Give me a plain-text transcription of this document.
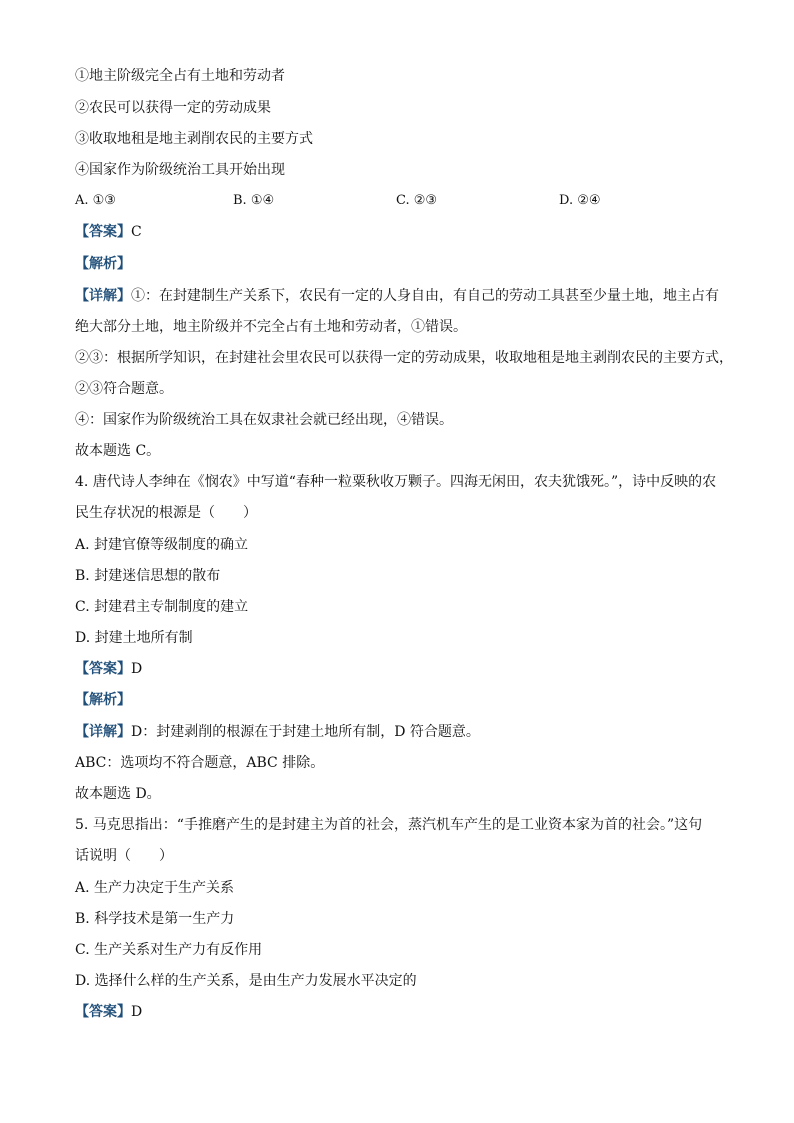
①地主阶级完全占有土地和劳动者
②农民可以获得一定的劳动成果
③收取地租是地主剥削农民的主要方式
④国家作为阶级统治工具开始出现
A. ①③	B. ①④	C. ②③	D. ②④
【答案】C
【解析】
【详解】①：在封建制生产关系下，农民有一定的人身自由，有自己的劳动工具甚至少量土地，地主占有
绝大部分土地，地主阶级并不完全占有土地和劳动者，①错误。
②③：根据所学知识，在封建社会里农民可以获得一定的劳动成果，收取地租是地主剥削农民的主要方式，
②③符合题意。
④：国家作为阶级统治工具在奴隶社会就已经出现，④错误。
故本题选 C。
4. 唐代诗人李绅在《悯农》中写道“春种一粒粟秋收万颗子。四海无闲田，农夫犹饿死。”，诗中反映的农
民生存状况的根源是（　　）
A. 封建官僚等级制度的确立
B. 封建迷信思想的散布
C. 封建君主专制制度的建立
D. 封建土地所有制
【答案】D
【解析】
【详解】D：封建剥削的根源在于封建土地所有制，D 符合题意。
ABC：选项均不符合题意，ABC 排除。
故本题选 D。
5. 马克思指出：“手推磨产生的是封建主为首的社会，蒸汽机车产生的是工业资本家为首的社会。”这句
话说明（　　）
A. 生产力决定于生产关系
B. 科学技术是第一生产力
C. 生产关系对生产力有反作用
D. 选择什么样的生产关系，是由生产力发展水平决定的
【答案】D
